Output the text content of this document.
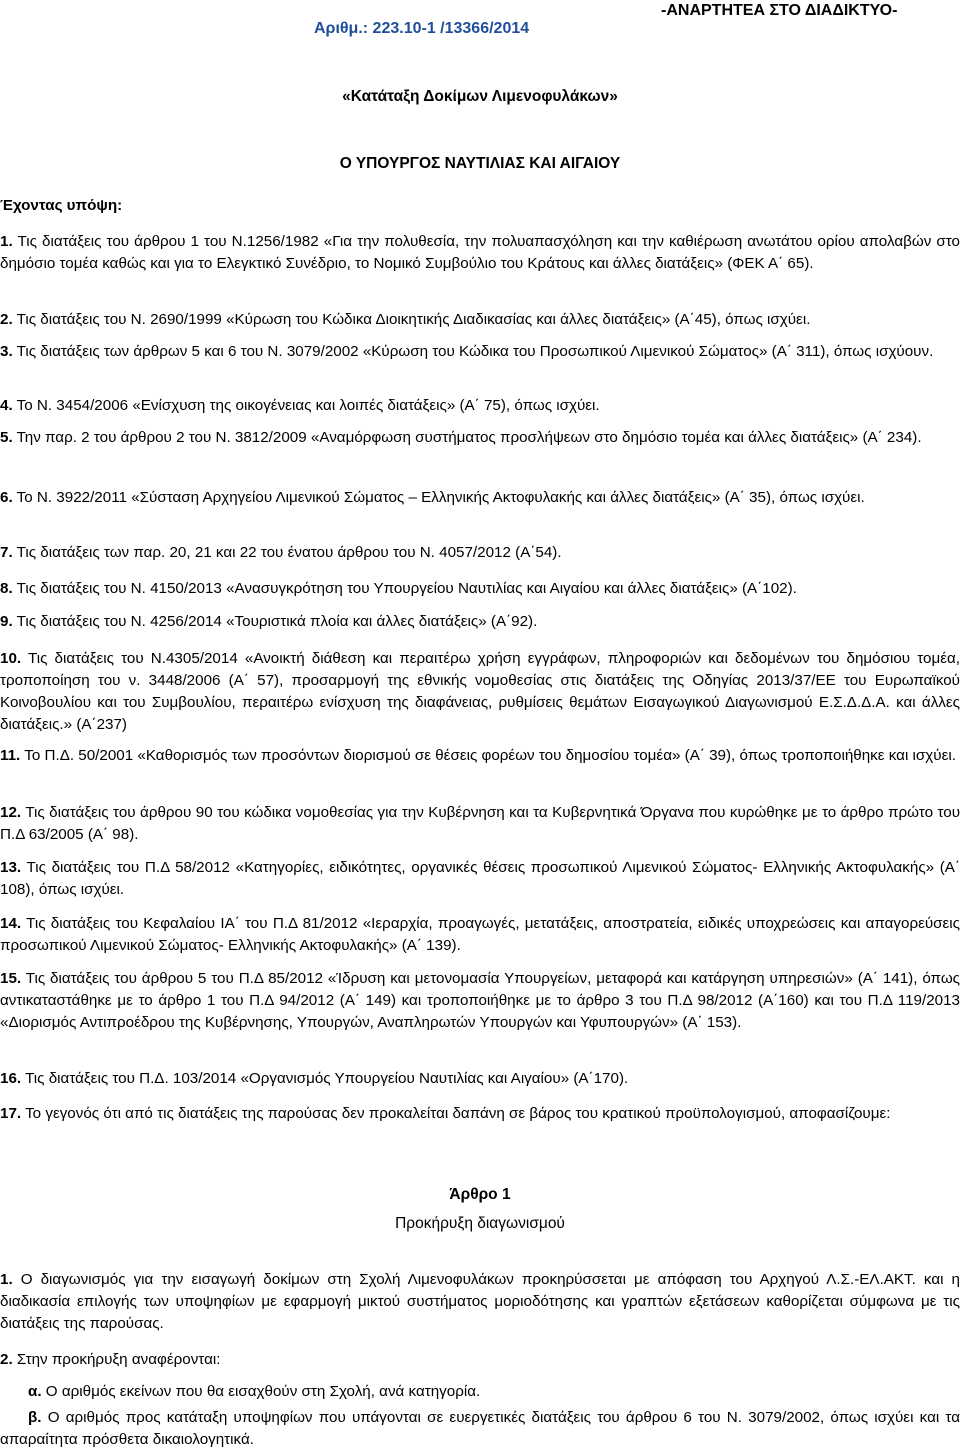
Αριθμ.: 223.10-1 /13366/2014
-ΑΝΑΡΤΗΤΕΑ ΣΤΟ ΔΙΑΔΙΚΤΥΟ-
«Κατάταξη Δοκίμων Λιμενοφυλάκων»
Ο ΥΠΟΥΡΓΟΣ ΝΑΥΤΙΛΙΑΣ ΚΑΙ ΑΙΓΑΙΟΥ
Έχοντας υπόψη:
1. Τις διατάξεις του άρθρου 1 του Ν.1256/1982 «Για την πολυθεσία, την πολυαπασχόληση και την καθιέρωση ανωτάτου ορίου απολαβών στο δημόσιο τομέα καθώς και για το Ελεγκτικό Συνέδριο, το Νομικό Συμβούλιο του Κράτους και άλλες διατάξεις» (ΦΕΚ Α΄ 65).
2. Τις διατάξεις του Ν. 2690/1999 «Κύρωση του Κώδικα Διοικητικής Διαδικασίας και άλλες διατάξεις» (Α΄45), όπως ισχύει.
3. Τις διατάξεις των άρθρων 5 και 6 του Ν. 3079/2002 «Κύρωση του Κώδικα του Προσωπικού Λιμενικού Σώματος» (Α΄ 311), όπως ισχύουν.
4. Το Ν. 3454/2006 «Ενίσχυση της οικογένειας και λοιπές διατάξεις» (Α΄ 75), όπως ισχύει.
5. Την παρ. 2 του άρθρου 2 του Ν. 3812/2009 «Αναμόρφωση συστήματος προσλήψεων στο δημόσιο τομέα και άλλες διατάξεις» (Α΄ 234).
6. Το Ν. 3922/2011 «Σύσταση Αρχηγείου Λιμενικού Σώματος – Ελληνικής Ακτοφυλακής και άλλες διατάξεις» (Α΄ 35), όπως ισχύει.
7. Τις διατάξεις των παρ. 20, 21 και 22 του ένατου άρθρου του Ν. 4057/2012 (Α΄54).
8. Τις διατάξεις του Ν. 4150/2013 «Ανασυγκρότηση του Υπουργείου Ναυτιλίας και Αιγαίου και άλλες διατάξεις» (Α΄102).
9. Τις διατάξεις του Ν. 4256/2014 «Τουριστικά πλοία και άλλες διατάξεις» (Α΄92).
10. Τις διατάξεις του Ν.4305/2014 «Ανοικτή διάθεση και περαιτέρω χρήση εγγράφων, πληροφοριών και δεδομένων του δημόσιου τομέα, τροποποίηση του ν. 3448/2006 (Α΄ 57), προσαρμογή της εθνικής νομοθεσίας στις διατάξεις της Οδηγίας 2013/37/ΕΕ του Ευρωπαϊκού Κοινοβουλίου και του Συμβουλίου, περαιτέρω ενίσχυση της διαφάνειας, ρυθμίσεις θεμάτων Εισαγωγικού Διαγωνισμού Ε.Σ.Δ.Δ.Α. και άλλες διατάξεις.» (Α΄237)
11. Το Π.Δ. 50/2001 «Καθορισμός των προσόντων διορισμού σε θέσεις φορέων του δημοσίου τομέα» (Α΄ 39), όπως τροποποιήθηκε και ισχύει.
12. Τις διατάξεις του άρθρου 90 του κώδικα νομοθεσίας για την Κυβέρνηση και τα Κυβερνητικά Όργανα που κυρώθηκε με το άρθρο πρώτο του Π.Δ 63/2005 (Α΄ 98).
13. Τις διατάξεις του Π.Δ 58/2012 «Κατηγορίες, ειδικότητες, οργανικές θέσεις προσωπικού Λιμενικού Σώματος- Ελληνικής Ακτοφυλακής» (Α΄ 108), όπως ισχύει.
14. Τις διατάξεις του Κεφαλαίου ΙΑ΄ του Π.Δ 81/2012 «Ιεραρχία, προαγωγές, μετατάξεις, αποστρατεία, ειδικές υποχρεώσεις και απαγορεύσεις προσωπικού Λιμενικού Σώματος- Ελληνικής Ακτοφυλακής» (Α΄ 139).
15. Τις διατάξεις του άρθρου 5 του Π.Δ 85/2012 «Ίδρυση και μετονομασία Υπουργείων, μεταφορά και κατάργηση υπηρεσιών» (Α΄ 141), όπως αντικαταστάθηκε με το άρθρο 1 του Π.Δ 94/2012 (Α΄ 149) και τροποποιήθηκε με το άρθρο 3 του Π.Δ 98/2012 (Α΄160) και του Π.Δ 119/2013 «Διορισμός Αντιπροέδρου της Κυβέρνησης, Υπουργών, Αναπληρωτών Υπουργών και Υφυπουργών» (Α΄ 153).
16. Τις διατάξεις του Π.Δ. 103/2014 «Οργανισμός Υπουργείου Ναυτιλίας και Αιγαίου» (Α΄170).
17. Το γεγονός ότι από τις διατάξεις της παρούσας δεν προκαλείται δαπάνη σε βάρος του κρατικού προϋπολογισμού, αποφασίζουμε:
Άρθρο 1
Προκήρυξη διαγωνισμού
1. Ο διαγωνισμός για την εισαγωγή δοκίμων στη Σχολή Λιμενοφυλάκων προκηρύσσεται με απόφαση του Αρχηγού Λ.Σ.-ΕΛ.ΑΚΤ. και η διαδικασία επιλογής των υποψηφίων με εφαρμογή μικτού συστήματος μοριοδότησης και γραπτών εξετάσεων καθορίζεται σύμφωνα με τις διατάξεις της παρούσας.
2. Στην προκήρυξη αναφέρονται:
α. Ο αριθμός εκείνων που θα εισαχθούν στη Σχολή, ανά κατηγορία.
β. Ο αριθμός προς κατάταξη υποψηφίων που υπάγονται σε ευεργετικές διατάξεις του άρθρου 6 του Ν. 3079/2002, όπως ισχύει και τα απαραίτητα πρόσθετα δικαιολογητικά.
